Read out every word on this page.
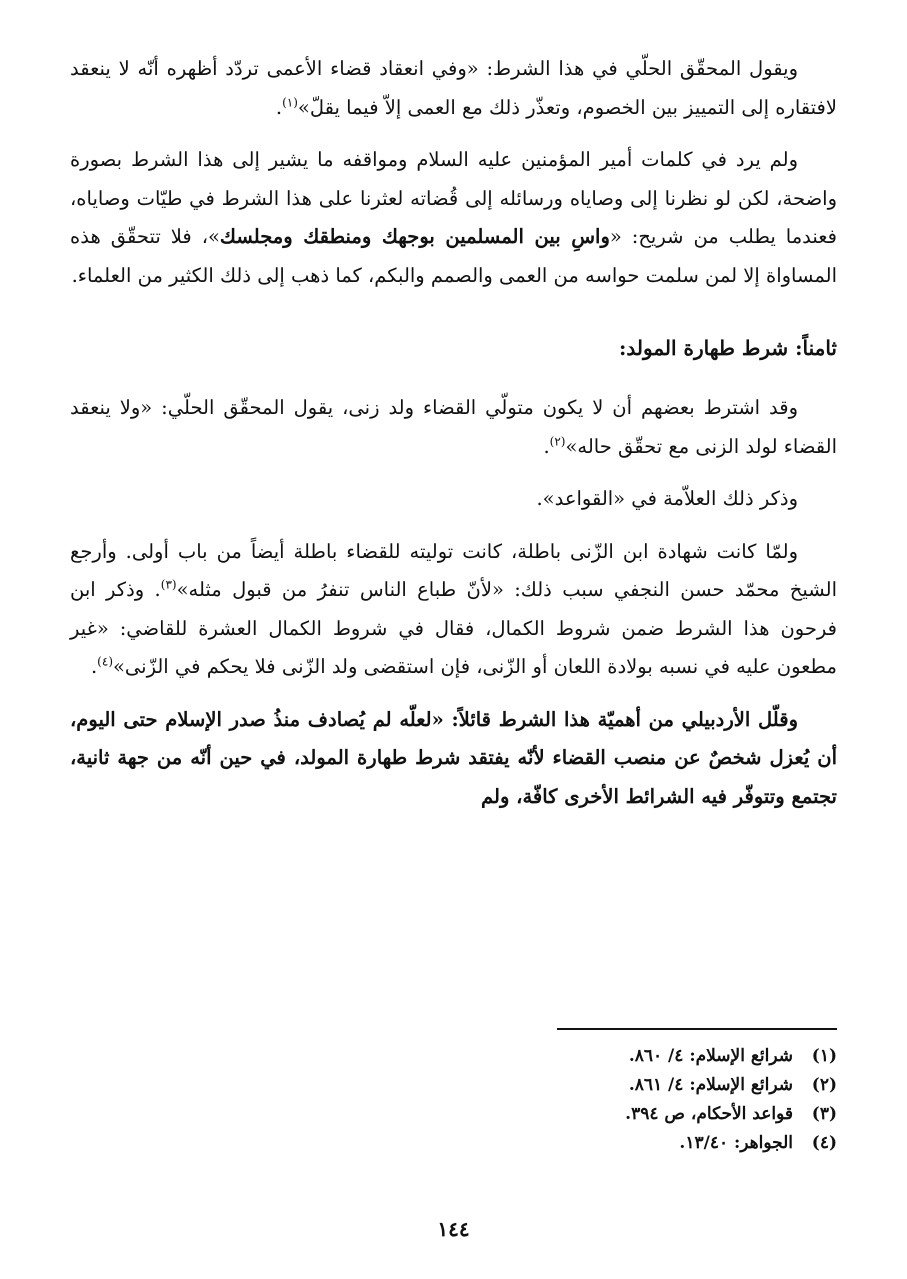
ويقول المحقّق الحلّي في هذا الشرط: «وفي انعقاد قضاء الأعمى تردّد أظهره أنّه لا ينعقد لافتقاره إلى التمييز بين الخصوم، وتعذّر ذلك مع العمى إلاّ فيما يقلّ»$^{(١)}$.

ولم يرد في كلمات أمير المؤمنين عليه السلام ومواقفه ما يشير إلى هذا الشرط بصورة واضحة، لكن لو نظرنا إلى وصاياه ورسائله إلى قُضاته لعثرنا على هذا الشرط في طيّات وصاياه، فعندما يطلب من شريح: «واسِ بين المسلمين بوجهك ومنطقك ومجلسك»، فلا تتحقّق هذه المساواة إلا لمن سلمت حواسه من العمى والصمم والبكم، كما ذهب إلى ذلك الكثير من العلماء.

ثامناً: شرط طهارة المولد:

وقد اشترط بعضهم أن لا يكون متولّي القضاء ولد زنى، يقول المحقّق الحلّي: «ولا ينعقد القضاء لولد الزنى مع تحقّق حاله»$^{(٢)}$.

وذكر ذلك العلاّمة في «القواعد».

ولمّا كانت شهادة ابن الزّنى باطلة، كانت توليته للقضاء باطلة أيضاً من باب أولى. وأرجع الشيخ محمّد حسن النجفي سبب ذلك: «لأنّ طباع الناس تنفرُ من قبول مثله»$^{(٣)}$. وذكر ابن فرحون هذا الشرط ضمن شروط الكمال، فقال في شروط الكمال العشرة للقاضي: «غير مطعون عليه في نسبه بولادة اللعان أو الزّنى، فإن استقضى ولد الزّنى فلا يحكم في الزّنى»$^{(٤)}$.

وقلّل الأردبيلي من أهميّة هذا الشرط قائلاً: «لعلّه لم يُصادف منذُ صدر الإسلام حتى اليوم، أن يُعزل شخصٌ عن منصب القضاء لأنّه يفتقد شرط طهارة المولد، في حين أنّه من جهة ثانية، تجتمع وتتوفّر فيه الشرائط الأخرى كافّة، ولم

(١)
شرائع الإسلام: ٤/ ٨٦٠.
(٢)
شرائع الإسلام: ٤/ ٨٦١.
(٣)
قواعد الأحكام، ص ٣٩٤.
(٤)
الجواهر: ١٣/٤٠.
١٤٤
